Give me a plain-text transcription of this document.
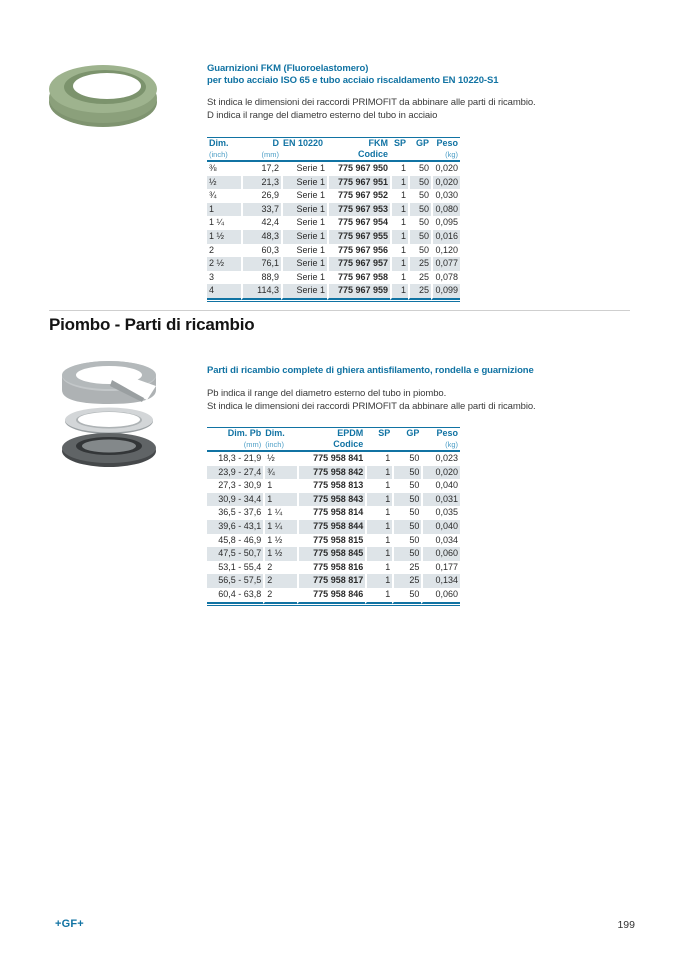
Guarnizioni FKM (Fluoroelastomero)
per tubo acciaio ISO 65 e tubo acciaio riscaldamento EN 10220-S1
St indica le dimensioni dei raccordi PRIMOFIT da abbinare alle parti di ricambio.
D indica il range del diametro esterno del tubo in acciaio
Dim.	D	EN 10220	FKM	SP	GP	Peso
(inch)	(mm)		Codice			(kg)
⅜	17,2	Serie 1	775 967 950	1	50	0,020
½	21,3	Serie 1	775 967 951	1	50	0,020
¾	26,9	Serie 1	775 967 952	1	50	0,030
1	33,7	Serie 1	775 967 953	1	50	0,080
1 ¼	42,4	Serie 1	775 967 954	1	50	0,095
1 ½	48,3	Serie 1	775 967 955	1	50	0,016
2	60,3	Serie 1	775 967 956	1	50	0,120
2 ½	76,1	Serie 1	775 967 957	1	25	0,077
3	88,9	Serie 1	775 967 958	1	25	0,078
4	114,3	Serie 1	775 967 959	1	25	0,099
Piombo - Parti di ricambio
Parti di ricambio complete di ghiera antisfilamento, rondella e guarnizione
Pb indica il range del diametro esterno del tubo in piombo.
St indica le dimensioni dei raccordi PRIMOFIT da abbinare alle parti di ricambio.
Dim. Pb	Dim.	EPDM	SP	GP	Peso
(mm)	(inch)	Codice			(kg)
18,3 - 21,9	½	775 958 841	1	50	0,023
23,9 - 27,4	¾	775 958 842	1	50	0,020
27,3 - 30,9	1	775 958 813	1	50	0,040
30,9 - 34,4	1	775 958 843	1	50	0,031
36,5 - 37,6	1 ¼	775 958 814	1	50	0,035
39,6 - 43,1	1 ¼	775 958 844	1	50	0,040
45,8 - 46,9	1 ½	775 958 815	1	50	0,034
47,5 - 50,7	1 ½	775 958 845	1	50	0,060
53,1 - 55,4	2	775 958 816	1	25	0,177
56,5 - 57,5	2	775 958 817	1	25	0,134
60,4 - 63,8	2	775 958 846	1	50	0,060
+GF+	199
